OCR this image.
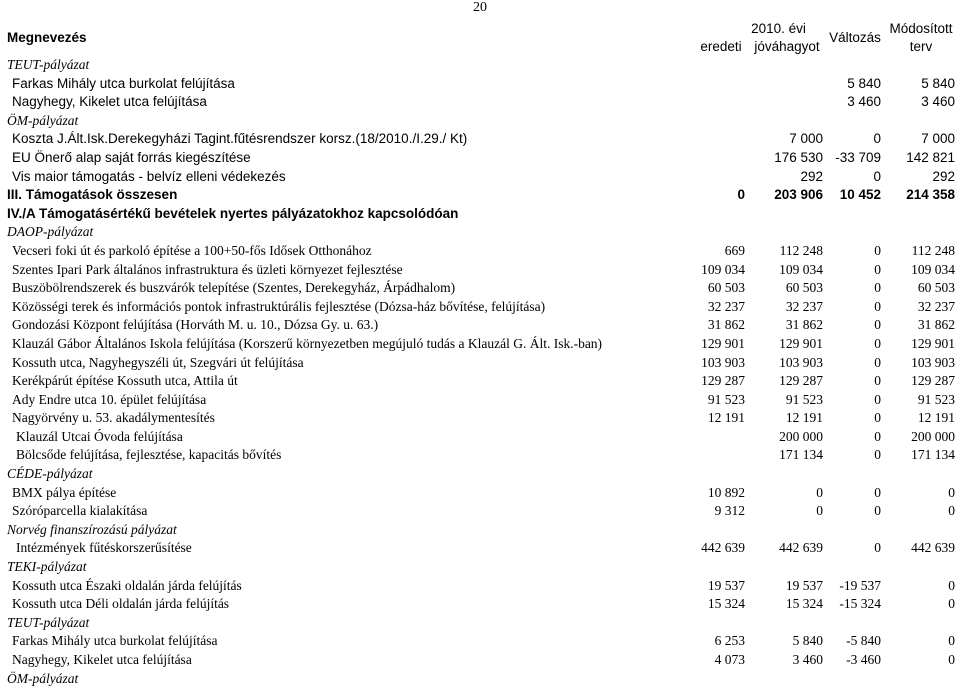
20
Megnevezés	2010. évi		Változás	Módosított
	eredeti	jóváhagyot		terv
TEUT-pályázat				
Farkas Mihály utca burkolat felújítása			5 840	5 840
Nagyhegy, Kikelet utca felújítása			3 460	3 460
ÖM-pályázat				
Koszta J.Ált.Isk.Derekegyházi Tagint.fűtésrendszer korsz.(18/2010./I.29./ Kt)		7 000	0	7 000
EU Önerő alap saját forrás kiegészítése		176 530	-33 709	142 821
Vis maior támogatás - belvíz elleni védekezés		292	0	292
III. Támogatások összesen	0	203 906	10 452	214 358
IV./A Támogatásértékű bevételek nyertes pályázatokhoz kapcsolódóan				
DAOP-pályázat				
Vecseri foki út és parkoló építése a 100+50-fős Idősek Otthonához	669	112 248	0	112 248
Szentes Ipari Park általános infrastruktura és üzleti környezet fejlesztése	109 034	109 034	0	109 034
Buszöbölrendszerek és buszvárók telepítése (Szentes, Derekegyház, Árpádhalom)	60 503	60 503	0	60 503
Közösségi terek és információs pontok infrastruktúrális fejlesztése (Dózsa-ház bővítése, felújítása)	32 237	32 237	0	32 237
Gondozási Központ felújítása (Horváth M. u. 10., Dózsa Gy. u. 63.)	31 862	31 862	0	31 862
Klauzál Gábor Általános Iskola felújítása (Korszerű környezetben megújuló tudás a Klauzál G. Ált. Isk.-ban)	129 901	129 901	0	129 901
Kossuth utca, Nagyhegyszéli út, Szegvári út felújítása	103 903	103 903	0	103 903
Kerékpárút építése Kossuth utca, Attila út	129 287	129 287	0	129 287
Ady Endre utca 10. épület felújítása	91 523	91 523	0	91 523
Nagyörvény u. 53. akadálymentesítés	12 191	12 191	0	12 191
Klauzál Utcai Óvoda felújítása		200 000	0	200 000
Bölcsőde felújítása, fejlesztése, kapacitás bővítés		171 134	0	171 134
CÉDE-pályázat				
BMX pálya építése	10 892	0	0	0
Szóróparcella kialakítása	9 312	0	0	0
Norvég finanszírozású pályázat				
Intézmények fűtéskorszerűsítése	442 639	442 639	0	442 639
TEKI-pályázat				
Kossuth utca Északi oldalán járda felújítás	19 537	19 537	-19 537	0
Kossuth utca Déli oldalán járda felújítás	15 324	15 324	-15 324	0
TEUT-pályázat				
Farkas Mihály utca burkolat felújítása	6 253	5 840	-5 840	0
Nagyhegy, Kikelet utca felújítása	4 073	3 460	-3 460	0
ÖM-pályázat				
